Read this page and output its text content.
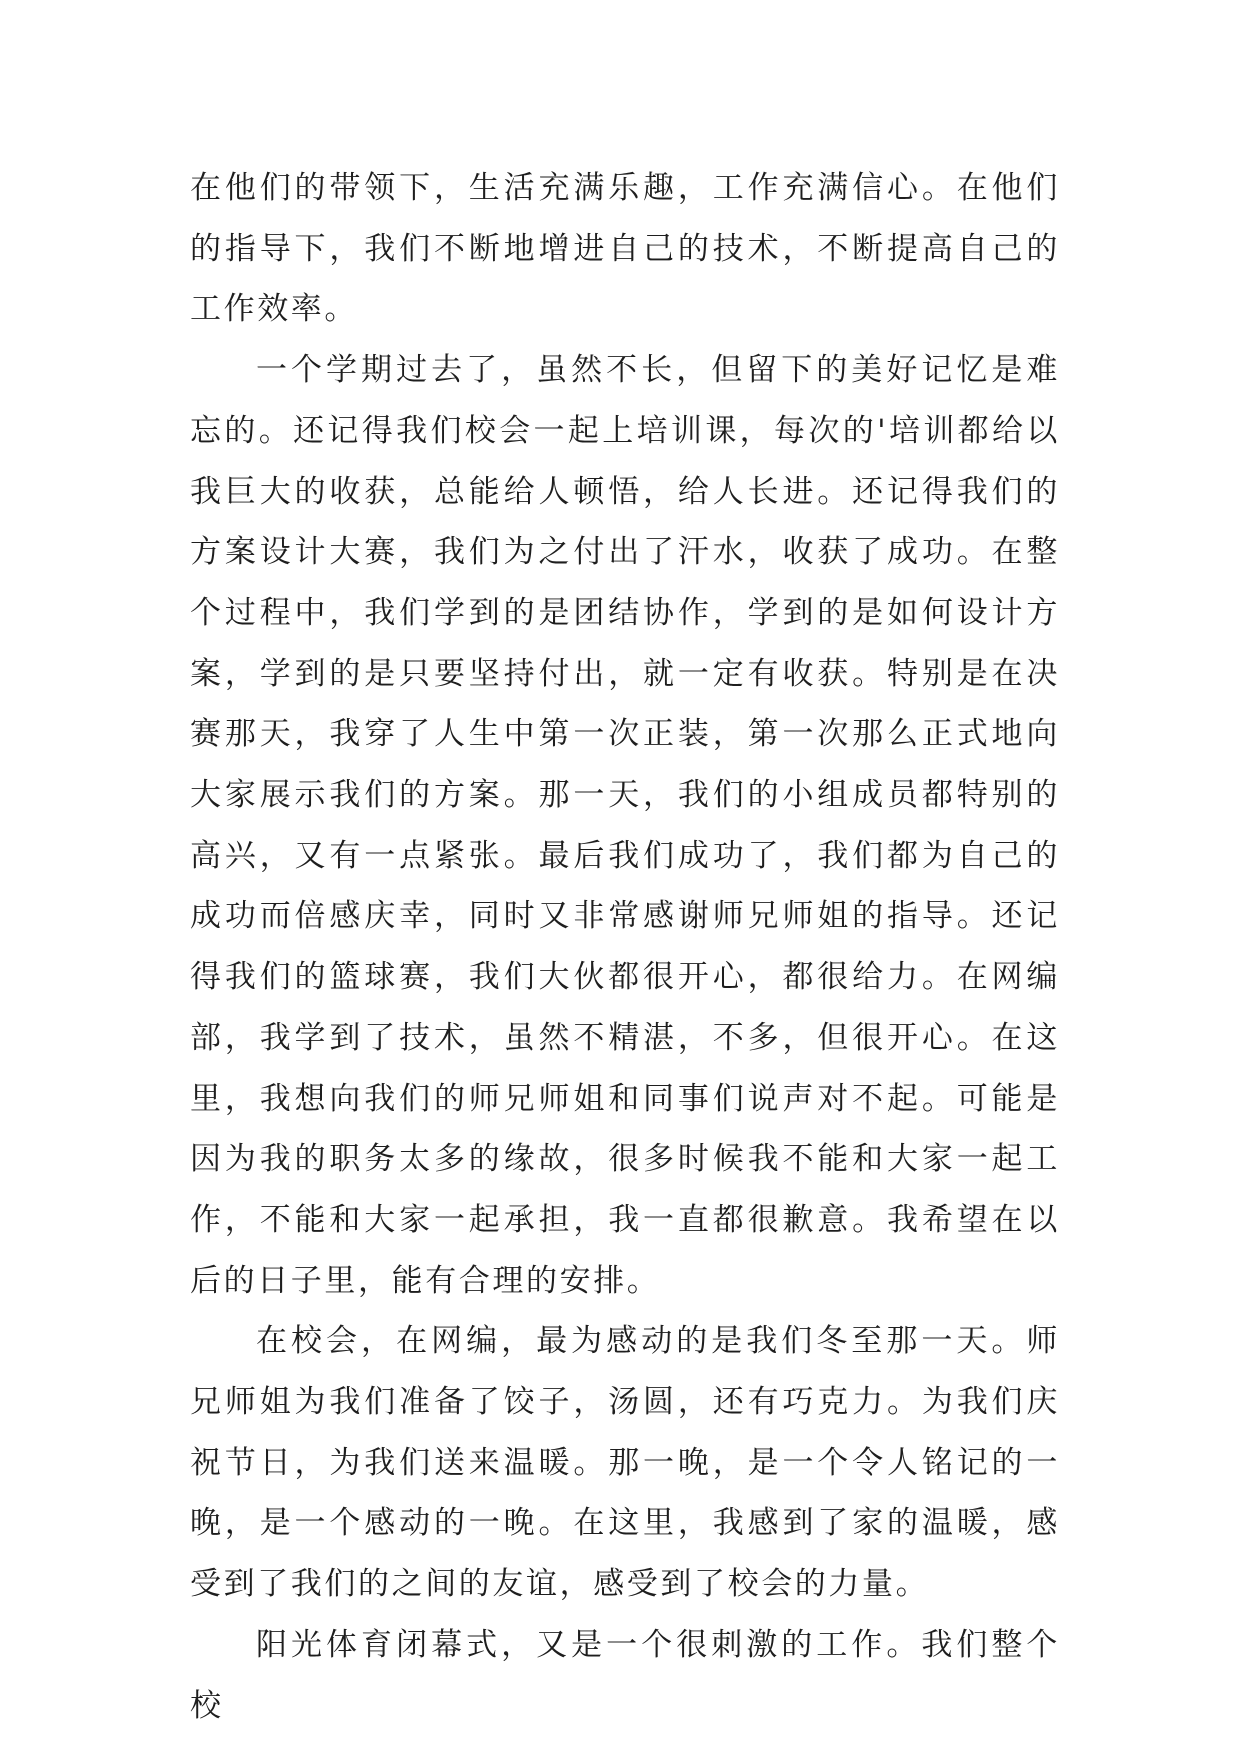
在他们的带领下，生活充满乐趣，工作充满信心。在他们的指导下，我们不断地增进自己的技术，不断提高自己的工作效率。

一个学期过去了，虽然不长，但留下的美好记忆是难忘的。还记得我们校会一起上培训课，每次的'培训都给以我巨大的收获，总能给人顿悟，给人长进。还记得我们的方案设计大赛，我们为之付出了汗水，收获了成功。在整个过程中，我们学到的是团结协作，学到的是如何设计方案，学到的是只要坚持付出，就一定有收获。特别是在决赛那天，我穿了人生中第一次正装，第一次那么正式地向大家展示我们的方案。那一天，我们的小组成员都特别的高兴，又有一点紧张。最后我们成功了，我们都为自己的成功而倍感庆幸，同时又非常感谢师兄师姐的指导。还记得我们的篮球赛，我们大伙都很开心，都很给力。在网编部，我学到了技术，虽然不精湛，不多，但很开心。在这里，我想向我们的师兄师姐和同事们说声对不起。可能是因为我的职务太多的缘故，很多时候我不能和大家一起工作，不能和大家一起承担，我一直都很歉意。我希望在以后的日子里，能有合理的安排。

在校会，在网编，最为感动的是我们冬至那一天。师兄师姐为我们准备了饺子，汤圆，还有巧克力。为我们庆祝节日，为我们送来温暖。那一晚，是一个令人铭记的一晚，是一个感动的一晚。在这里，我感到了家的温暖，感受到了我们的之间的友谊，感受到了校会的力量。

阳光体育闭幕式，又是一个很刺激的工作。我们整个校
